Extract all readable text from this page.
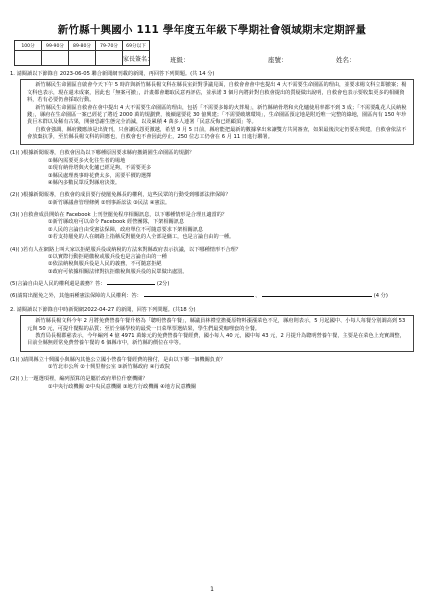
新竹縣十興國小 111 學年度五年級下學期社會領域期末定期評量
100分	99-90分	89-80分	79-70分	69分以下

家長簽名：	班級：	座號：	姓名：

1. 請閱讀以下節錄自 2023-06-05 聯合新聞網刊載的新聞，再回答下列問題。(共 14 分)

新竹縣民生命園區自啟會今天下午 5 時許與新竹縣長楊文科在縣長室針對爭議見面，自救會會會中也提出 4 大不需要生命園區的理由，並要求楊文科立即撤案；楊文科也表示，現在還未成案，因此也「無案可撤」，計畫都會聽取民意再評估，並承諾 3 個月內將針對自救會提出的質疑做出說明，自救會也表示要收集更多的相關資料，若有必要仍會採取行動。

新竹縣民生命園區自救會在會中提出 4 大不需要生命園區的理由，包括「不需要多餘的火葬場」，新竹縣納骨塔和火化爐使用率都不到 3 成；「不需要亂花人民納稅錢」，縣府在生命園區一案已經花了將近 2000 萬的規劃費，後續還要花 30 億興建；「不需要破壞環境」，生命園區預定地是附近唯一完整的綠地，園區內有 150 年珍貴巨木群以及稀有古果，開發恐謝生態完全消滅，以及累積 4 萬多人連署「民意反悔已經顧頂」等。

自救會強調，縣府錢應該是出資刊，只會讓民怨更激越，希望 9 月 5 日前，縣府能把最新的數據拿出來讓雙方共同審查，如果最後決定仍要在興建，自救會依法不會放棄抗爭，至於縣長楊文科的回應也，自救會也不會因此停止，250 位志工仍會在 6 月 11 日進行聯署。

(1)( )根據新聞報導，自救會因為以下哪種原因要求縣府撤銷園生命園區的規劃？

①縣內需要更多火化往生者的場地

②現有納骨塔與火化爐已經足夠，不需要更多

③縣民處理喪事時花費太多，需要平價的選擇

④縣內多數民眾反對縣府決策。

(2)( )根據新聞報導，自救會的成員要行使罷免縣長的權利，這些民眾的行動受到哪部法律保障？

①新竹縣議會管理條例 ②刑事訴訟法 ③民法 ④憲法。

(3)( )自救會成員開始在 Facebook 上刊登罷免程序相關訊息，以下哪種情形是合理且適當的？

①新竹縣政府可以命令 Facebook 經營團隊，下架相關訊息

②人民的言論自由受憲法保障，政府單位不可隨意要求下架相關訊息

③若支持罷免的人在網路上指稱反對罷免的人全部是傭工，也是言論自由的一種。

(4)( )若有人在網路上叫大家以拒絕服兵役或納稅的方法來對縣政府表示抗議，以下哪種情形不合理？

①以實際行動拒絕繳稅或服兵役也是言論自由的一種

②依法納稅與服兵役是人民的義務，不可隨意拒絕

③政府可依據相關法律對抗拒繳稅與服兵役的民眾做出處罰。

(5)言論自由是人民的權利還是義務？答：	(2分)

(6)請寫出罷免之外，其他兩種憲法保障的人民權利：答：	、	(4 分)

2. 請閱讀以下節錄自中時新聞網2022-04-27 的新聞，回答下列問題。(共18 分)

新竹縣長楊文科今年 2 月將免費營養午餐升格為「聰明營養午餐」，縣議員林禮堂擔憂原物料漲漲菜色不足，縣府則表示，5 月起國中、小每人每餐分別調高到 53 元與 50 元，可提升餐點的品質；至於全縣學校的最愛一日菜單票選結果，學生們最愛咖哩套的全餐。

教育局長楊郡慈表示，今年編列 4 億 4971 萬餘元的免費營養午餐經費，國小每人 40 元，國中每 43 元，2 月提升為聰明營養午餐，主要是在菜色上充實調整，目前全縣無經常免費營養午餐的 6 個縣市中，新竹縣的價位在中等。

(1)( )請問縣立十興國小與縣內其他公立國小營養午餐經費的撥付，是由以下哪一個機關負責？

①竹北市公所 ②十興里辦公室 ③新竹縣政府 ④行政院

(2)( )上一題選項裡，編列預算的是屬於政府單位什麼機關？

①中央行政機關 ②中央民意機關 ③地方行政機關 ④地方民意機關

1
